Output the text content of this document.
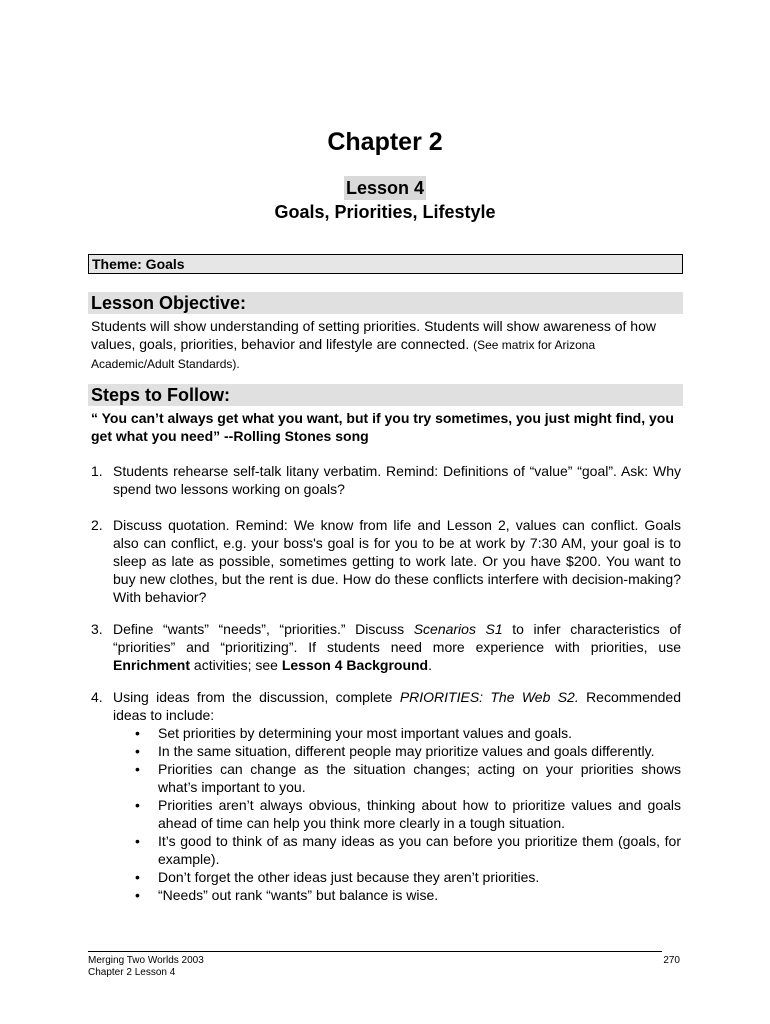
Chapter 2
Lesson 4
Goals, Priorities, Lifestyle
Theme: Goals
Lesson Objective:
Students will show understanding of setting priorities. Students will show awareness of how values, goals, priorities, behavior and lifestyle are connected. (See matrix for Arizona Academic/Adult Standards).
Steps to Follow:
“ You can’t always get what you want, but if you try sometimes, you just might find, you get what you need” --Rolling Stones song
1. Students rehearse self-talk litany verbatim. Remind: Definitions of “value” “goal”. Ask: Why spend two lessons working on goals?
2. Discuss quotation. Remind: We know from life and Lesson 2, values can conflict. Goals also can conflict, e.g. your boss's goal is for you to be at work by 7:30 AM, your goal is to sleep as late as possible, sometimes getting to work late. Or you have $200. You want to buy new clothes, but the rent is due. How do these conflicts interfere with decision-making? With behavior?
3. Define “wants” “needs”, “priorities.” Discuss Scenarios S1 to infer characteristics of “priorities” and “prioritizing”. If students need more experience with priorities, use Enrichment activities; see Lesson 4 Background.
4. Using ideas from the discussion, complete PRIORITIES: The Web S2. Recommended ideas to include:
• Set priorities by determining your most important values and goals.
• In the same situation, different people may prioritize values and goals differently.
• Priorities can change as the situation changes; acting on your priorities shows what’s important to you.
• Priorities aren’t always obvious, thinking about how to prioritize values and goals ahead of time can help you think more clearly in a tough situation.
• It’s good to think of as many ideas as you can before you prioritize them (goals, for example).
• Don’t forget the other ideas just because they aren’t priorities.
• “Needs” out rank “wants” but balance is wise.
Merging Two Worlds 2003
Chapter 2 Lesson 4
270
